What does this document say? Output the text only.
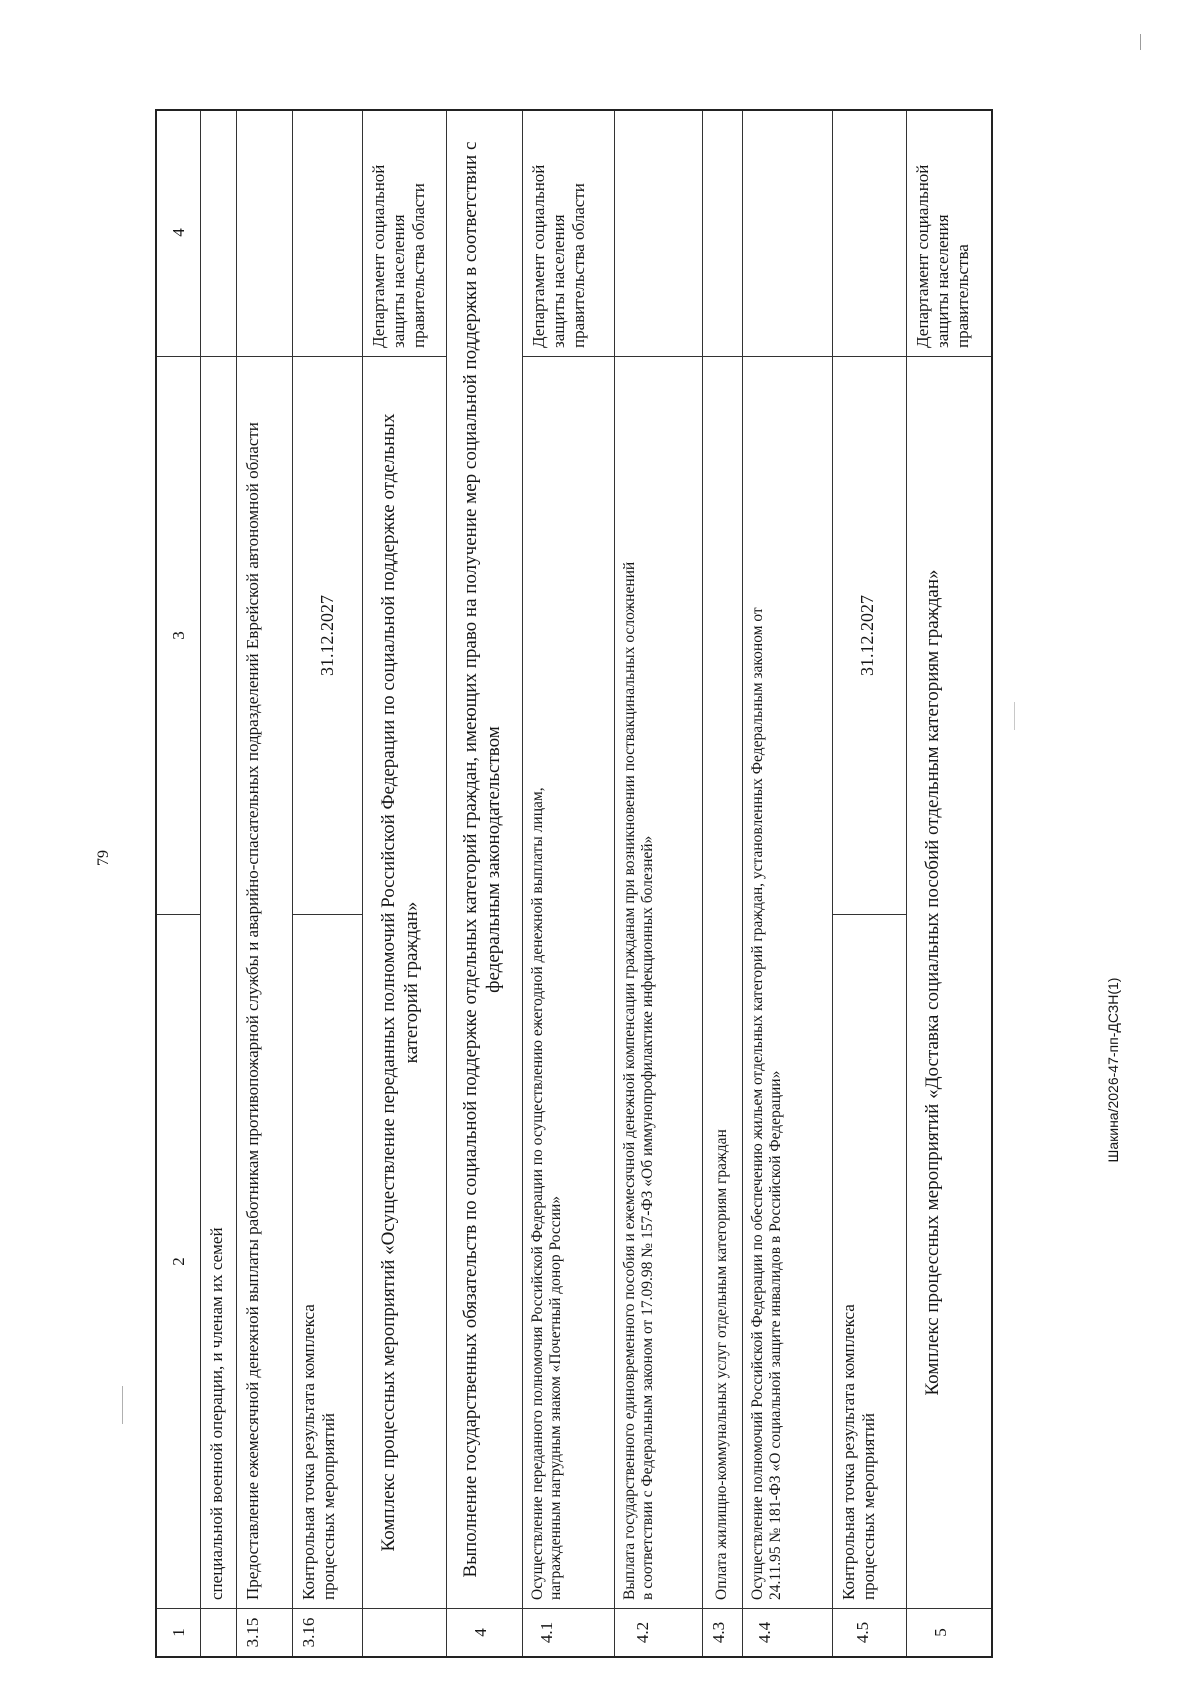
79
Шакина/2026-47-пп-ДСЗН(1)
1
2
3
4
специальной военной операции, и членам их семей
3.15
Предоставление ежемесячной денежной выплаты работникам противопожарной службы и аварийно-спасательных подразделений Еврейской автономной области
3.16
Контрольная точка результата комплекса процессных мероприятий
31.12.2027	Комплекс процессных мероприятий «Осуществление переданных полномочий Российской Федерации по социальной поддержке отдельных категорий граждан»
Департамент социальной защиты населения правительства области
4
Выполнение государственных обязательств по социальной поддержке отдельных категорий граждан, имеющих право на получение мер социальной поддержки в соответствии с федеральным законодательством
4.1
Осуществление переданного полномочия Российской Федерации по осуществлению ежегодной денежной выплаты лицам, награжденным нагрудным знаком «Почетный донор России»
Департамент социальной защиты населения правительства области
4.2
Выплата государственного единовременного пособия и ежемесячной денежной компенсации гражданам при возникновении поствакцинальных осложнений в соответствии с Федеральным законом от 17.09.98 № 157-ФЗ «Об иммунопрофилактике инфекционных болезней»
4.3
Оплата жилищно-коммунальных услуг отдельным категориям граждан
4.4
Осуществление полномочий Российской Федерации по обеспечению жильем отдельных категорий граждан, установленных Федеральным законом от 24.11.95 № 181-ФЗ «О социальной защите инвалидов в Российской Федерации»
4.5
Контрольная точка результата комплекса процессных мероприятий
31.12.2027
5
Комплекс процессных мероприятий «Доставка социальных пособий отдельным категориям граждан»
Департамент социальной защиты населения правительства
